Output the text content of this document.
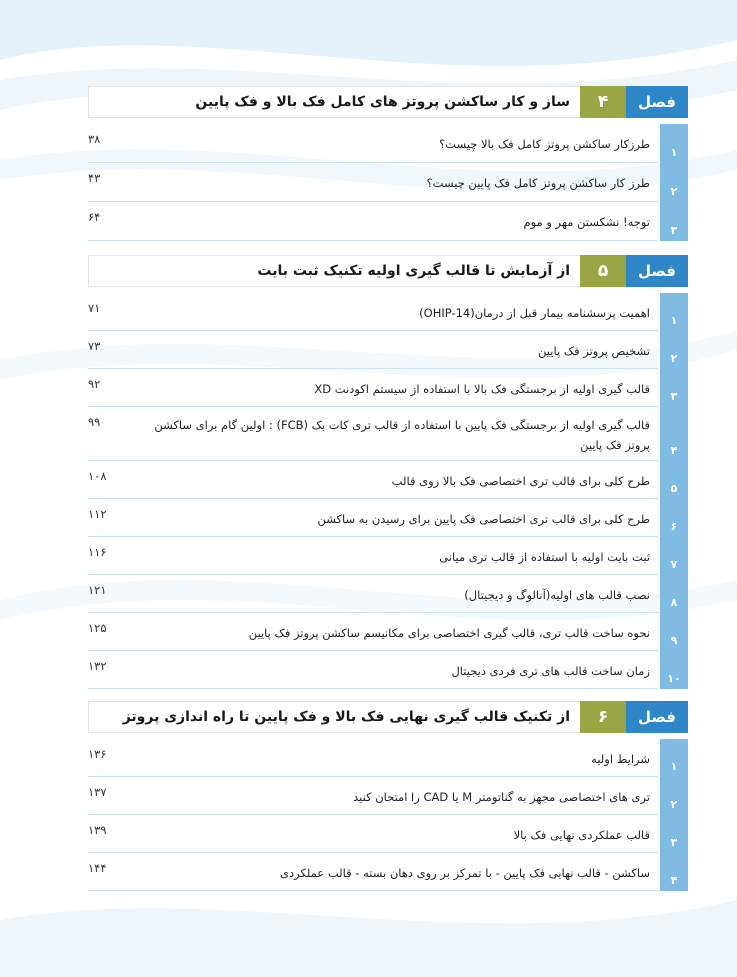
فصل
۴
ساز و کار ساکشن پروتز های کامل فک بالا و فک پایین
۱
طرزکار ساکشن پروتز کامل فک بالا چیست؟
۳۸
۲
طرز کار ساکشن پروتز کامل فک پایین چیست؟
۴۳
۳
توجه! نشکستن مهر و موم
۶۴
فصل
۵
از آزمایش تا قالب گیری اولیه تکنیک ثبت بایت
۱
اهمیت پرسشنامه بیمار قبل از درمان(OHIP-14)
۷۱
۲
تشخیص پروتز فک پایین
۷۳
۳
قالب گیری اولیه از برجستگی فک بالا با استفاده از سیستم اکودنت XD
۹۲
۴
قالب گیری اولیه از برجستگی فک پایین با استفاده از قالب تری کات بک (FCB) : اولین گام برای ساکشن پروتز فک پایین
۹۹
۵
طرح کلی برای قالب تری اختصاصی فک بالا روی قالب
۱۰۸
۶
طرح کلی برای قالب تری اختصاصی فک پایین برای رسیدن به ساکشن
۱۱۲
۷
ثبت بایت اولیه با استفاده از قالب تری میانی
۱۱۶
۸
نصب قالب های اولیه(آنالوگ و دیجیتال)
۱۲۱
۹
نحوه ساخت قالب تری، قالب گیری اختصاصی برای مکانیسم ساکشن پروتز فک پایین
۱۲۵
۱۰
زمان ساخت قالب های تری فردی دیجیتال
۱۳۲
فصل
۶
از تکنیک قالب گیری نهایی فک بالا و فک پایین تا راه اندازی پروتز
۱
شرایط اولیه
۱۳۶
۲
تری های اختصاصی مجهز به گناتومتر M یا CAD را امتحان کنید
۱۳۷
۳
قالب عملکردی نهایی فک بالا
۱۳۹
۴
ساکشن - قالب نهایی فک پایین - با تمرکز بر روی دهان بسته - قالب عملکردی
۱۴۴
